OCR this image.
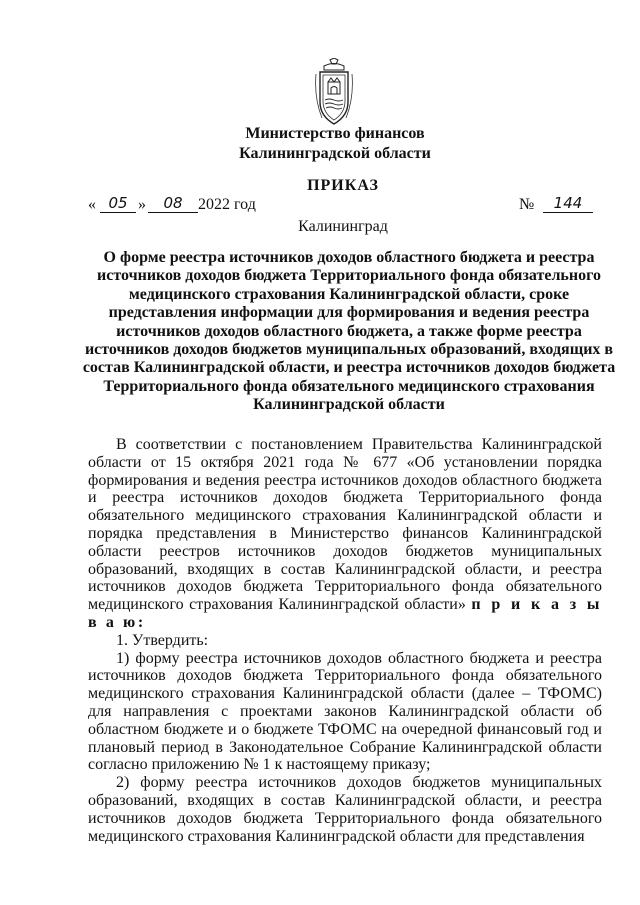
Министерство финансов
Калининградской области
ПРИКАЗ
« 05 »	08 2022 год	№	144
Калининград
О форме реестра источников доходов областного бюджета и реестра источников доходов бюджета Территориального фонда обязательного медицинского страхования Калининградской области, сроке представления информации для формирования и ведения реестра источников доходов областного бюджета, а также форме реестра источников доходов бюджетов муниципальных образований, входящих в состав Калининградской области, и реестра источников доходов бюджета Территориального фонда обязательного медицинского страхования Калининградской области

В соответствии с постановлением Правительства Калининградской области от 15 октября 2021 года № 677 «Об установлении порядка формирования и ведения реестра источников доходов областного бюджета и реестра источников доходов бюджета Территориального фонда обязательного медицинского страхования Калининградской области и порядка представления в Министерство финансов Калининградской области реестров источников доходов бюджетов муниципальных образований, входящих в состав Калининградской области, и реестра источников доходов бюджета Территориального фонда обязательного медицинского страхования Калининградской области» п р и к а з ы в а ю:

1. Утвердить:

1) форму реестра источников доходов областного бюджета и реестра источников доходов бюджета Территориального фонда обязательного медицинского страхования Калининградской области (далее – ТФОМС) для направления с проектами законов Калининградской области об областном бюджете и о бюджете ТФОМС на очередной финансовый год и плановый период в Законодательное Собрание Калининградской области согласно приложению № 1 к настоящему приказу;

2) форму реестра источников доходов бюджетов муниципальных образований, входящих в состав Калининградской области, и реестра источников доходов бюджета Территориального фонда обязательного медицинского страхования Калининградской области для представления
